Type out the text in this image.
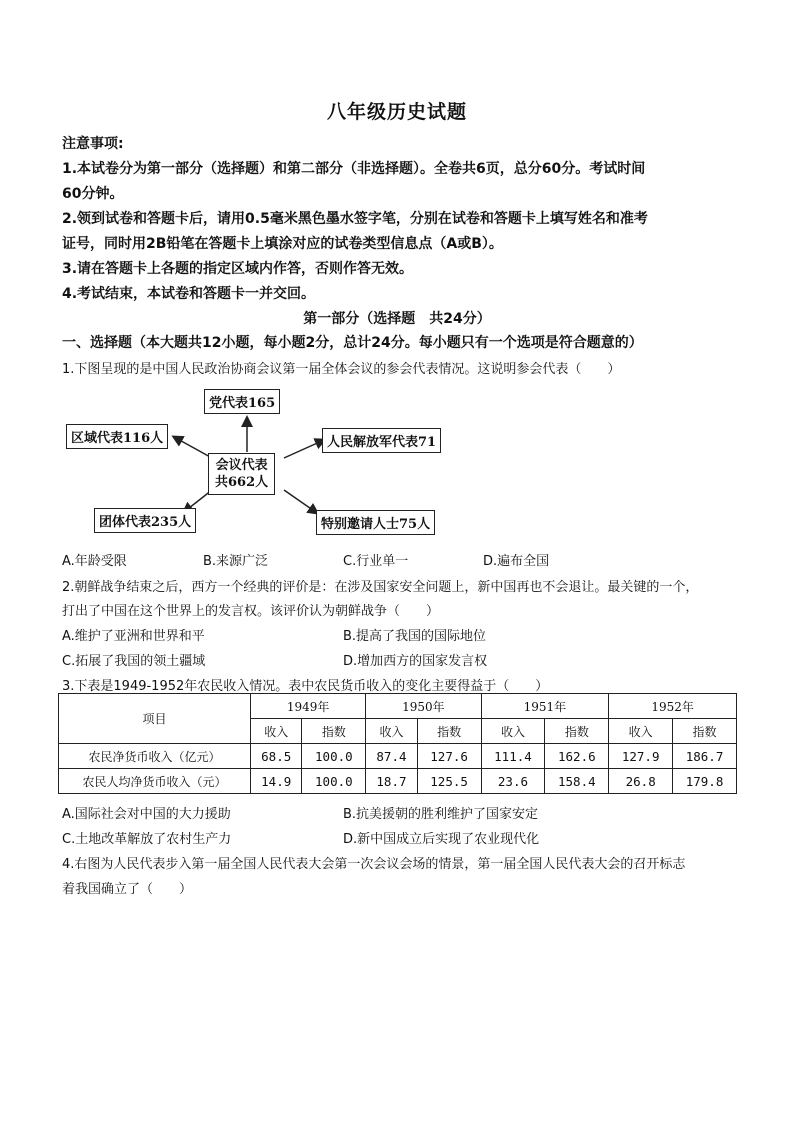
八年级历史试题
注意事项:
1.本试卷分为第一部分（选择题）和第二部分（非选择题）。全卷共6页，总分60分。考试时间
60分钟。
2.领到试卷和答题卡后，请用0.5毫米黑色墨水签字笔，分别在试卷和答题卡上填写姓名和准考
证号，同时用2B铅笔在答题卡上填涂对应的试卷类型信息点（A或B）。
3.请在答题卡上各题的指定区域内作答，否则作答无效。
4.考试结束，本试卷和答题卡一并交回。
第一部分（选择题　共24分）
一、选择题（本大题共12小题，每小题2分，总计24分。每小题只有一个选项是符合题意的）
1.下图呈现的是中国人民政治协商会议第一届全体会议的参会代表情况。这说明参会代表（　　）
党代表165
区域代表116人	人民解放军代表71
会议代表
共662人
团体代表235人	特别邀请人士75人
A.年龄受限	B.来源广泛	C.行业单一	D.遍布全国
2.朝鲜战争结束之后，西方一个经典的评价是：在涉及国家安全问题上，新中国再也不会退让。最关键的一个，
打出了中国在这个世界上的发言权。该评价认为朝鲜战争（　　）
A.维护了亚洲和世界和平	B.提高了我国的国际地位
C.拓展了我国的领土疆域	D.增加西方的国家发言权
3.下表是1949-1952年农民收入情况。表中农民货币收入的变化主要得益于（　　）
项目	1949年		1950年		1951年		1952年	
	收入	指数	收入	指数	收入	指数	收入	指数
农民净货币收入（亿元）	68.5	100.0	87.4	127.6	111.4	162.6	127.9	186.7
农民人均净货币收入（元）	14.9	100.0	18.7	125.5	23.6	158.4	26.8	179.8
A.国际社会对中国的大力援助	B.抗美援朝的胜利维护了国家安定
C.土地改革解放了农村生产力	D.新中国成立后实现了农业现代化
4.右图为人民代表步入第一届全国人民代表大会第一次会议会场的情景，第一届全国人民代表大会的召开标志
着我国确立了（　　）
